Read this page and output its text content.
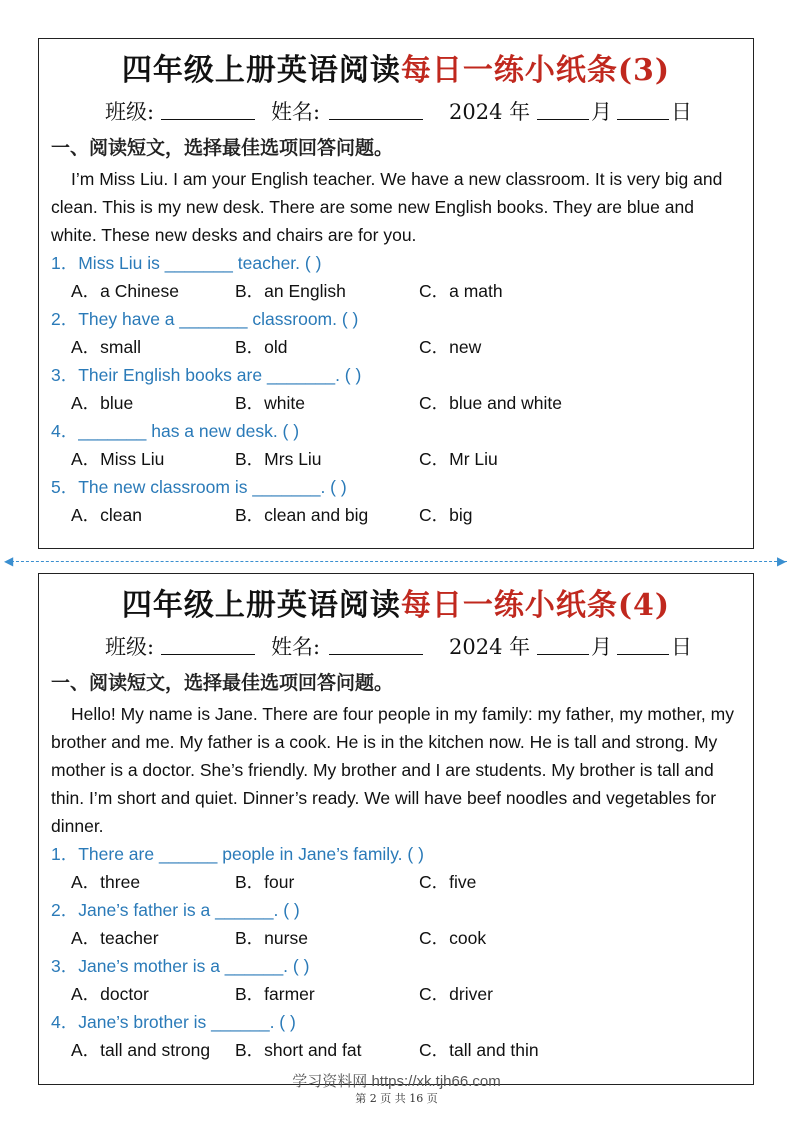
四年级上册英语阅读每日一练小纸条(3)
班级:	姓名:	2024 年	月	日
一、阅读短文，选择最佳选项回答问题。
I’m Miss Liu. I am your English teacher. We have a new classroom. It is very big and clean. This is my new desk. There are some new English books. They are blue and white. These new desks and chairs are for you.
1．Miss Liu is _______ teacher. ( )
A．a Chinese	B．an English	C．a math
2．They have a _______ classroom. ( )
A．small	B．old	C．new
3．Their English books are _______. ( )
A．blue	B．white	C．blue and white
4．_______ has a new desk. ( )
A．Miss Liu	B．Mrs Liu	C．Mr Liu
5．The new classroom is _______. ( )
A．clean	B．clean and big	C．big
◀	▶
四年级上册英语阅读每日一练小纸条(4)
班级:	姓名:	2024 年	月	日
一、阅读短文，选择最佳选项回答问题。
Hello! My name is Jane. There are four people in my family: my father, my mother, my brother and me. My father is a cook. He is in the kitchen now. He is tall and strong. My mother is a doctor. She’s friendly. My brother and I are students. My brother is tall and thin. I’m short and quiet. Dinner’s ready. We will have beef noodles and vegetables for dinner.
1．There are ______ people in Jane’s family. ( )
A．three	B．four	C．five
2．Jane’s father is a ______. ( )
A．teacher	B．nurse	C．cook
3．Jane’s mother is a ______. ( )
A．doctor	B．farmer	C．driver
4．Jane’s brother is ______. ( )
A．tall and strong B．short and fat	C．tall and thin
学习资料网 https://xk.tjh66.com
第 2 页 共 16 页
